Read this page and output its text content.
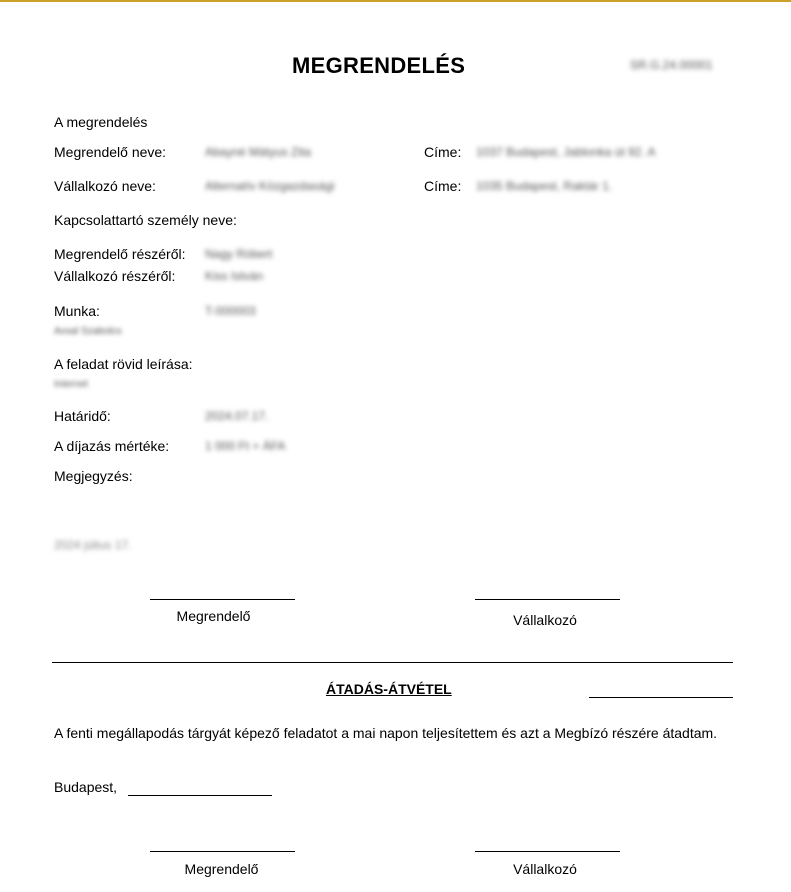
MEGRENDELÉS	SR.G.24.00001
A megrendelés
Megrendelő neve:	Abayné Mátyus Zita	Címe: 1037 Budapest, Jablonka út 92. A
Vállalkozó neve:	Alternatív Közgazdasági	Címe: 1035 Budapest, Raktár 1.
Kapcsolattartó személy neve:
Megrendelő részéről: Nagy Róbert
Vállalkozó részéről: Kiss István
Munka:	T-000003
Avsal Szabolcs
A feladat rövid leírása:
Internet
Határidő:	2024.07.17.
A díjazás mértéke:	1 000 Ft + ÁFA
Megjegyzés:
2024 július 17.
Megrendelő	Vállalkozó
ÁTADÁS-ÁTVÉTEL
A fenti megállapodás tárgyát képező feladatot a mai napon teljesítettem és azt a Megbízó részére átadtam.
Budapest,
Megrendelő	Vállalkozó
